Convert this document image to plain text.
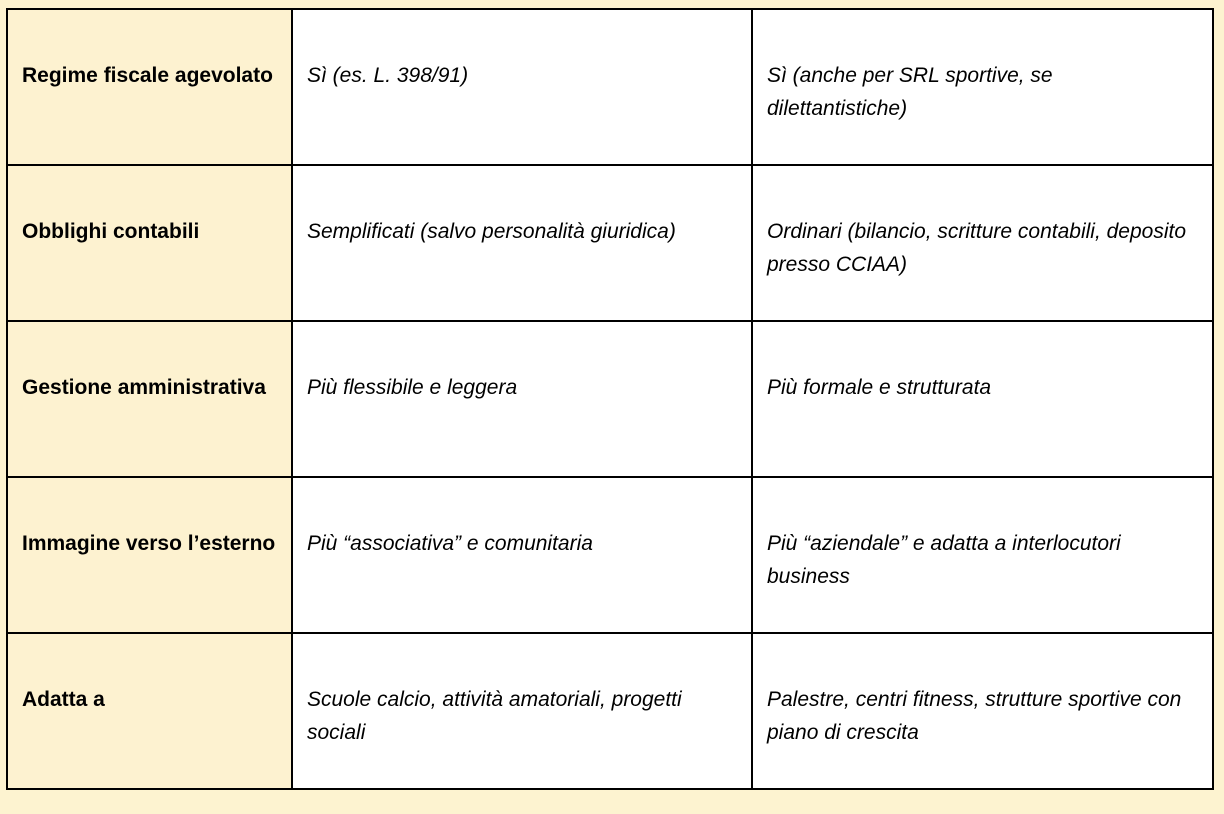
Regime fiscale agevolato	Sì (es. L. 398/91)	Sì (anche per SRL sportive, se dilettantistiche)
Obblighi contabili	Semplificati (salvo personalità giuridica)	Ordinari (bilancio, scritture contabili, deposito presso CCIAA)
Gestione amministrativa	Più flessibile e leggera	Più formale e strutturata
Immagine verso l’esterno	Più “associativa” e comunitaria	Più “aziendale” e adatta a interlocutori business
Adatta a	Scuole calcio, attività amatoriali, progetti sociali	Palestre, centri fitness, strutture sportive con piano di crescita
